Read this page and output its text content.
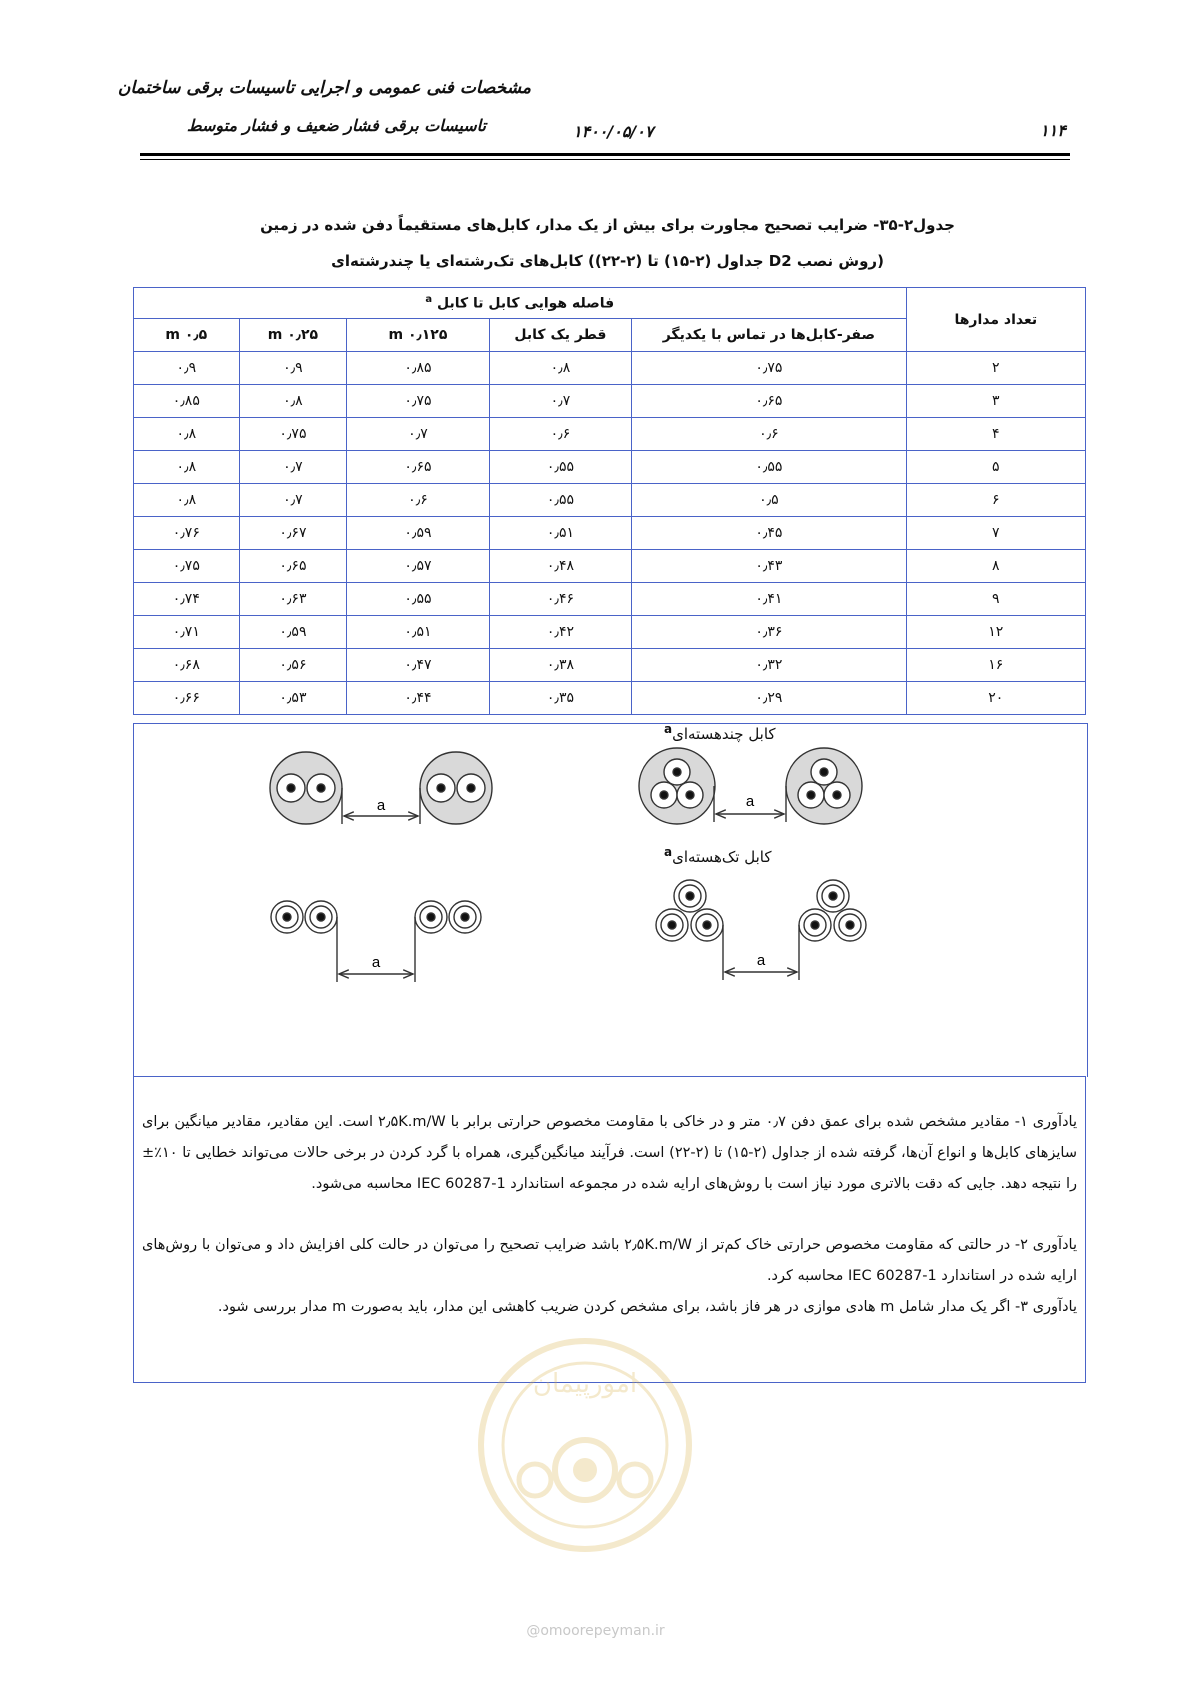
مشخصات فنی عمومی و اجرایی تاسیسات برقی ساختمان
تاسیسات برقی فشار ضعیف و فشار متوسط	۱۴۰۰/۰۵/۰۷	۱۱۴
جدول۲-۳۵- ضرایب تصحیح مجاورت برای بیش از یک مدار، کابل‌های مستقیماً دفن شده در زمین
(روش نصب D2 جداول (۲-۱۵) تا (۲-۲۲)) کابل‌های تک‌رشته‌ای یا چندرشته‌ای
تعداد مدارها	فاصله هوایی کابل تا کابل $^a$
	صفر-کابل‌ها در تماس با یکدیگر	قطر یک کابل	۰٫۱۲۵ m	۰٫۲۵ m	۰٫۵ m
۲	۰٫۷۵	۰٫۸	۰٫۸۵	۰٫۹	۰٫۹
۳	۰٫۶۵	۰٫۷	۰٫۷۵	۰٫۸	۰٫۸۵
۴	۰٫۶	۰٫۶	۰٫۷	۰٫۷۵	۰٫۸
۵	۰٫۵۵	۰٫۵۵	۰٫۶۵	۰٫۷	۰٫۸
۶	۰٫۵	۰٫۵۵	۰٫۶	۰٫۷	۰٫۸
۷	۰٫۴۵	۰٫۵۱	۰٫۵۹	۰٫۶۷	۰٫۷۶
۸	۰٫۴۳	۰٫۴۸	۰٫۵۷	۰٫۶۵	۰٫۷۵
۹	۰٫۴۱	۰٫۴۶	۰٫۵۵	۰٫۶۳	۰٫۷۴
۱۲	۰٫۳۶	۰٫۴۲	۰٫۵۱	۰٫۵۹	۰٫۷۱
۱۶	۰٫۳۲	۰٫۳۸	۰٫۴۷	۰٫۵۶	۰٫۶۸
۲۰	۰٫۲۹	۰٫۳۵	۰٫۴۴	۰٫۵۳	۰٫۶۶
کابل چندهسته‌ای$^a$
کابل تک‌هسته‌ای$^a$
a	a
a	a
یادآوری ۱- مقادیر مشخص شده برای عمق دفن ۰٫۷ متر و در خاکی با مقاومت مخصوص حرارتی برابر با ۲٫۵K.m/W است. این مقادیر، مقادیر میانگین برای سایزهای کابل‌ها و انواع آن‌ها، گرفته شده از جداول (۲-۱۵) تا (۲-۲۲) است. فرآیند میانگین‌گیری، همراه با گرد کردن در برخی حالات می‌تواند خطایی تا ۱۰٪± را نتیجه دهد. جایی که دقت بالاتری مورد نیاز است با روش‌های ارایه شده در مجموعه استاندارد IEC 60287-1 محاسبه می‌شود.
یادآوری ۲- در حالتی که مقاومت مخصوص حرارتی خاک کم‌تر از ۲٫۵K.m/W باشد ضرایب تصحیح را می‌توان در حالت کلی افزایش داد و می‌توان با روش‌های ارایه شده در استاندارد IEC 60287-1 محاسبه کرد.
یادآوری ۳- اگر یک مدار شامل m هادی موازی در هر فاز باشد، برای مشخص کردن ضریب کاهشی این مدار، باید به‌صورت m مدار بررسی شود.
امورپیمان
@omoorepeyman.ir
